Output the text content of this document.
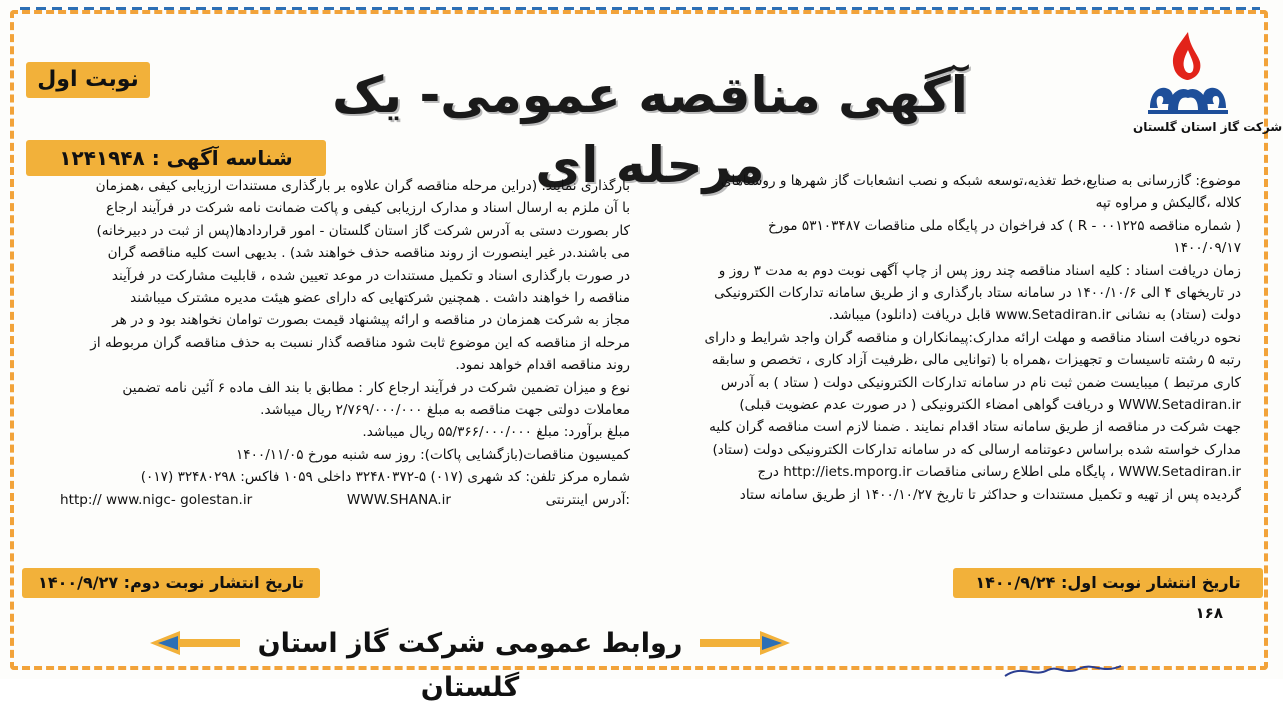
شرکت گاز استان گلستان
آگهی مناقصه عمومی- یک مرحله ای
نوبت اول
شناسه آگهی : ۱۲۴۱۹۴۸
موضوع: گازرسانی به صنایع،خط تغذیه،توسعه شبکه و نصب انشعابات گاز شهرها و روستاهای
کلاله ،گالیکش و مراوه تپه
( شماره مناقصه R - ۰۰۱۲۲۵ ) کد فراخوان در پایگاه ملی مناقصات ۵۳۱۰۳۴۸۷ مورخ
۱۴۰۰/۰۹/۱۷
زمان دریافت اسناد : کلیه اسناد مناقصه چند روز پس از چاپ آگهی نوبت دوم به مدت ۳ روز و
در تاریخهای ۴ الی ۱۴۰۰/۱۰/۶ در سامانه ستاد بارگذاری و از طریق سامانه تدارکات الکترونیکی
دولت (ستاد) به نشانی www.Setadiran.ir قابل دریافت (دانلود) میباشد.
نحوه دریافت اسناد مناقصه و مهلت ارائه مدارک:پیمانکاران و مناقصه گران واجد شرایط و دارای
رتبه ۵ رشته تاسیسات و تجهیزات ،همراه با (توانایی مالی ،ظرفیت آزاد کاری ، تخصص و سابقه
کاری مرتبط ) میبایست ضمن ثبت نام در سامانه تدارکات الکترونیکی دولت ( ستاد ) به آدرس
WWW.Setadiran.ir و دریافت گواهی امضاء الکترونیکی ( در صورت عدم عضویت قبلی)
جهت شرکت در مناقصه از طریق سامانه ستاد اقدام نمایند . ضمنا لازم است مناقصه گران کلیه
مدارک خواسته شده براساس دعوتنامه ارسالی که در سامانه تدارکات الکترونیکی دولت (ستاد)
WWW.Setadiran.ir ، پایگاه ملی اطلاع رسانی مناقصات http://iets.mporg.ir درج
گردیده پس از تهیه و تکمیل مستندات و حداکثر تا تاریخ ۱۴۰۰/۱۰/۲۷ از طریق سامانه ستاد
بارگذاری نمایند. (دراین مرحله مناقصه گران علاوه بر بارگذاری مستندات ارزیابی کیفی ،همزمان
با آن ملزم به ارسال اسناد و مدارک ارزیابی کیفی و پاکت ضمانت نامه شرکت در فرآیند ارجاع
کار بصورت دستی به آدرس شرکت گاز استان گلستان - امور قراردادها(پس از ثبت در دبیرخانه)
می باشند.در غیر اینصورت از روند مناقصه حذف خواهند شد) . بدیهی است کلیه مناقصه گران
در صورت بارگذاری اسناد و تکمیل مستندات در موعد تعیین شده ، قابلیت مشارکت در فرآیند
مناقصه را خواهند داشت . همچنین شرکتهایی که دارای عضو هیئت مدیره مشترک میباشند
مجاز به شرکت همزمان در مناقصه و ارائه پیشنهاد قیمت بصورت توامان نخواهند بود و در هر
مرحله از مناقصه که این موضوع ثابت شود مناقصه گذار نسبت به حذف مناقصه گران مربوطه از
روند مناقصه اقدام خواهد نمود.
نوع و میزان تضمین شرکت در فرآیند ارجاع کار : مطابق با بند الف ماده ۶ آئین نامه تضمین
معاملات دولتی جهت مناقصه به مبلغ ۲/۷۶۹/۰۰۰/۰۰۰ ریال میباشد.
مبلغ برآورد: مبلغ ۵۵/۳۶۶/۰۰۰/۰۰۰ ریال میباشد.
کمیسیون مناقصات(بازگشایی پاکات): روز سه شنبه مورخ ۱۴۰۰/۱۱/۰۵
شماره مرکز تلفن: کد شهری (۰۱۷) ۵-۳۲۴۸۰۳۷۲ داخلی ۱۰۵۹ فاکس: ۳۲۴۸۰۲۹۸ (۰۱۷)
http:// www.nigc- golestan.ir	WWW.SHANA.ir	آدرس اینترنتی:
تاریخ انتشار نوبت اول: ۱۴۰۰/۹/۲۴
تاریخ انتشار نوبت دوم: ۱۴۰۰/۹/۲۷
۱۶۸
روابط عمومی شرکت گاز استان گلستان
